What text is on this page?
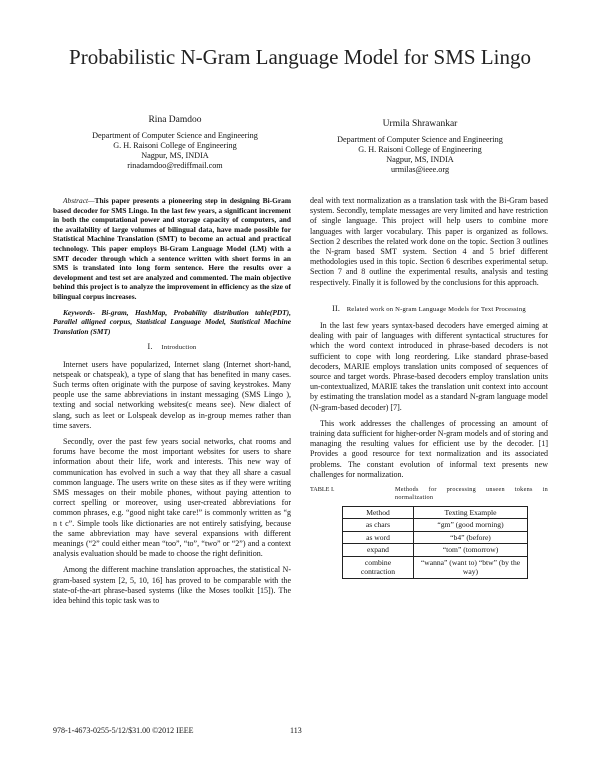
Probabilistic N-Gram Language Model for SMS Lingo
Rina Damdoo
Department of Computer Science and Engineering
G. H. Raisoni College of Engineering
Nagpur, MS, INDIA
rinadamdoo@rediffmail.com
Urmila Shrawankar
Department of Computer Science and Engineering
G. H. Raisoni College of Engineering
Nagpur, MS, INDIA
urmilas@ieee.org

Abstract—This paper presents a pioneering step in designing Bi-Gram based decoder for SMS Lingo. In the last few years, a significant increment in both the computational power and storage capacity of computers, and the availability of large volumes of bilingual data, have made possible for Statistical Machine Translation (SMT) to become an actual and practical technology. This paper employs Bi-Gram Language Model (LM) with a SMT decoder through which a sentence written with short forms in an SMS is translated into long form sentence. Here the results over a development and test set are analyzed and commented. The main objective behind this project is to analyze the improvement in efficiency as the size of bilingual corpus increases.

Keywords- Bi-gram, HashMap, Probability distribution table(PDT), Parallel alligned corpus, Statistical Language Model, Statistical Machine Translation (SMT)

I. Introduction

Internet users have popularized, Internet slang (Internet short-hand, netspeak or chatspeak), a type of slang that has benefited in many cases. Such terms often originate with the purpose of saving keystrokes. Many people use the same abbreviations in instant messaging (SMS Lingo ), texting and social networking websites(c means see). New dialect of slang, such as leet or Lolspeak develop as in-group memes rather than time savers.

Secondly, over the past few years social networks, chat rooms and forums have become the most important websites for users to share information about their life, work and interests. This new way of communication has evolved in such a way that they all share a casual common language. The users write on these sites as if they were writing SMS messages on their mobile phones, without paying attention to correct spelling or moreover, using user-created abbreviations for common phrases, e.g. “good night take care!” is commonly written as “g n t c”. Simple tools like dictionaries are not entirely satisfying, because the same abbreviation may have several expansions with different meanings (“2” could either mean “too”, “to”, “two” or “2”) and a context analysis evaluation should be made to choose the right definition.

Among the different machine translation approaches, the statistical N-gram-based system [2, 5, 10, 16] has proved to be comparable with the state-of-the-art phrase-based systems (like the Moses toolkit [15]). The idea behind this topic task was to

deal with text normalization as a translation task with the Bi-Gram based system. Secondly, template messages are very limited and have restriction of single language. This project will help users to combine more languages with larger vocabulary. This paper is organized as follows. Section 2 describes the related work done on the topic. Section 3 outlines the N-gram based SMT system. Section 4 and 5 brief different methodologies used in this topic. Section 6 describes experimental setup. Section 7 and 8 outline the experimental results, analysis and testing respectively. Finally it is followed by the conclusions for this approach.

II. Related work on N-gram Language Models for Text Processing

In the last few years syntax-based decoders have emerged aiming at dealing with pair of languages with different syntactical structures for which the word context introduced in phrase-based decoders is not sufficient to cope with long reordering. Like standard phrase-based decoders, MARIE employs translation units composed of sequences of source and target words. Phrase-based decoders employ translation units un-contextualized, MARIE takes the translation unit context into account by estimating the translation model as a standard N-gram language model (N-gram-based decoder) [7].

This work addresses the challenges of processing an amount of training data sufficient for higher-order N-gram models and of storing and managing the resulting values for efficient use by the decoder. [1] Provides a good resource for text normalization and its associated problems. The constant evolution of informal text presents new challenges for normalization.

TABLE I.	Methods for processing unseen tokens in normalization
Method	Texting Example
as chars	“gm” (good morning)
as word	“b4” (before)
expand	“tom” (tomorrow)
combine contraction	“wanna” (want to) “btw” (by the way)
978-1-4673-0255-5/12/$31.00 ©2012 IEEE	113
